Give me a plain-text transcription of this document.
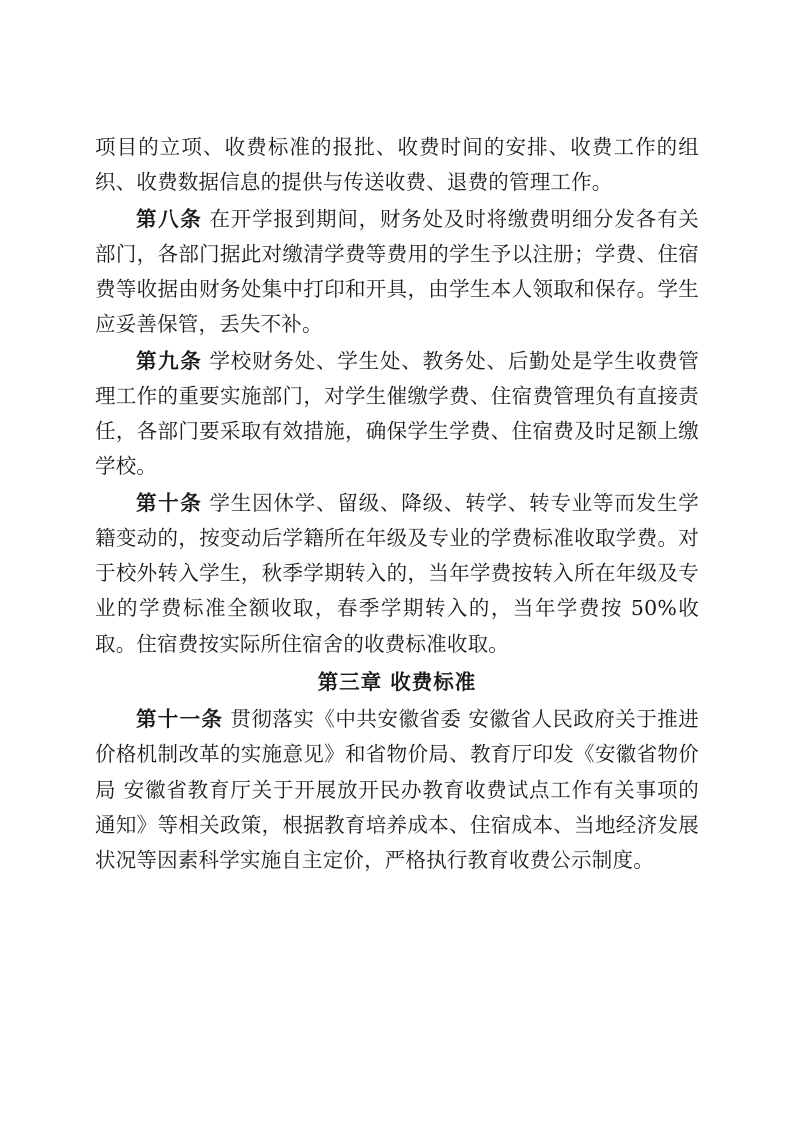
项目的立项、收费标准的报批、收费时间的安排、收费工作的组织、收费数据信息的提供与传送收费、退费的管理工作。

第八条 在开学报到期间，财务处及时将缴费明细分发各有关部门，各部门据此对缴清学费等费用的学生予以注册；学费、住宿费等收据由财务处集中打印和开具，由学生本人领取和保存。学生应妥善保管，丢失不补。

第九条 学校财务处、学生处、教务处、后勤处是学生收费管理工作的重要实施部门，对学生催缴学费、住宿费管理负有直接责任，各部门要采取有效措施，确保学生学费、住宿费及时足额上缴学校。

第十条 学生因休学、留级、降级、转学、转专业等而发生学籍变动的，按变动后学籍所在年级及专业的学费标准收取学费。对于校外转入学生，秋季学期转入的，当年学费按转入所在年级及专业的学费标准全额收取，春季学期转入的，当年学费按 50%收取。住宿费按实际所住宿舍的收费标准收取。

第三章 收费标准

第十一条 贯彻落实《中共安徽省委 安徽省人民政府关于推进价格机制改革的实施意见》和省物价局、教育厅印发《安徽省物价局 安徽省教育厅关于开展放开民办教育收费试点工作有关事项的通知》等相关政策，根据教育培养成本、住宿成本、当地经济发展状况等因素科学实施自主定价，严格执行教育收费公示制度。
